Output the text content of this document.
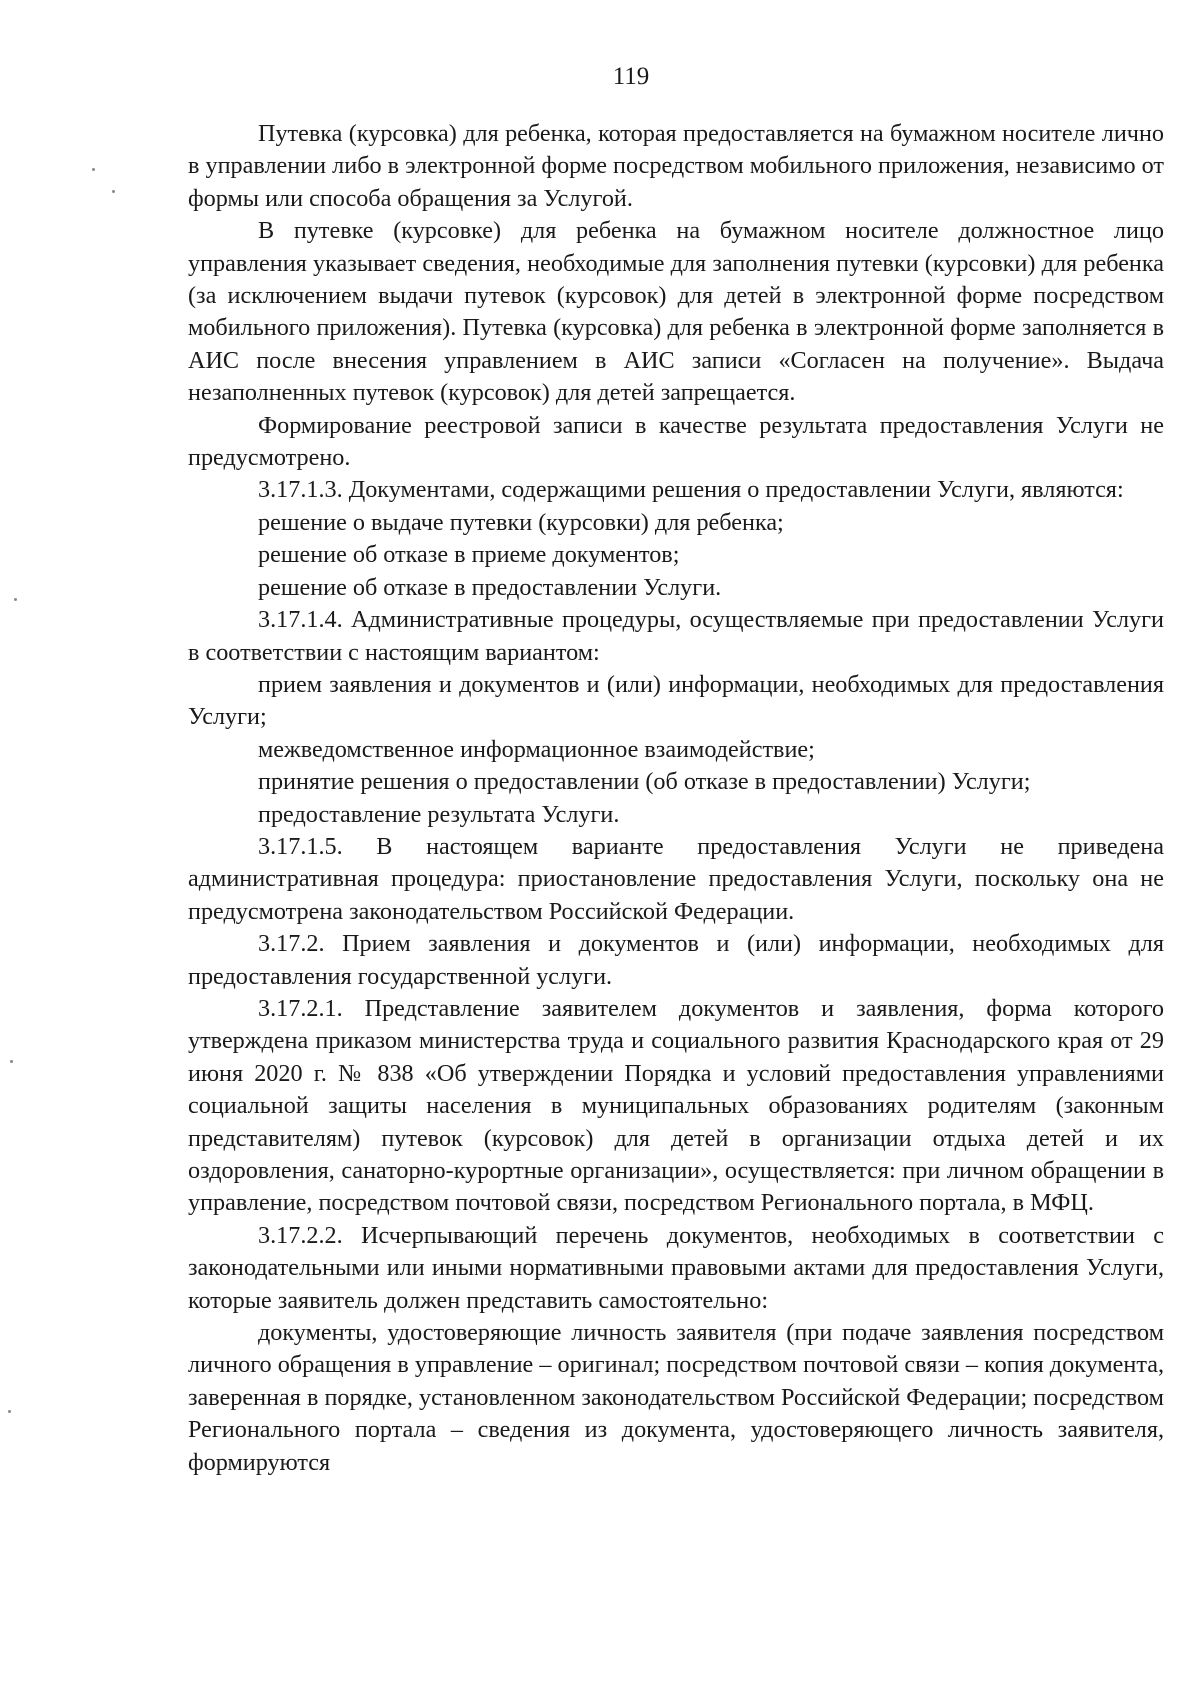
119

Путевка (курсовка) для ребенка, которая предоставляется на бумажном носителе лично в управлении либо в электронной форме посредством мобильного приложения, независимо от формы или способа обращения за Услугой.

В путевке (курсовке) для ребенка на бумажном носителе должностное лицо управления указывает сведения, необходимые для заполнения путевки (курсовки) для ребенка (за исключением выдачи путевок (курсовок) для детей в электронной форме посредством мобильного приложения). Путевка (курсовка) для ребенка в электронной форме заполняется в АИС после внесения управлением в АИС записи «Согласен на получение». Выдача незаполненных путевок (курсовок) для детей запрещается.

Формирование реестровой записи в качестве результата предоставления Услуги не предусмотрено.

3.17.1.3. Документами, содержащими решения о предоставлении Услуги, являются:

решение о выдаче путевки (курсовки) для ребенка;

решение об отказе в приеме документов;

решение об отказе в предоставлении Услуги.

3.17.1.4. Административные процедуры, осуществляемые при предоставлении Услуги в соответствии с настоящим вариантом:

прием заявления и документов и (или) информации, необходимых для предоставления Услуги;

межведомственное информационное взаимодействие;

принятие решения о предоставлении (об отказе в предоставлении) Услуги;

предоставление результата Услуги.

3.17.1.5. В настоящем варианте предоставления Услуги не приведена административная процедура: приостановление предоставления Услуги, поскольку она не предусмотрена законодательством Российской Федерации.

3.17.2. Прием заявления и документов и (или) информации, необходимых для предоставления государственной услуги.

3.17.2.1. Представление заявителем документов и заявления, форма которого утверждена приказом министерства труда и социального развития Краснодарского края от 29 июня 2020 г. № 838 «Об утверждении Порядка и условий предоставления управлениями социальной защиты населения в муниципальных образованиях родителям (законным представителям) путевок (курсовок) для детей в организации отдыха детей и их оздоровления, санаторно-курортные организации», осуществляется: при личном обращении в управление, посредством почтовой связи, посредством Регионального портала, в МФЦ.

3.17.2.2. Исчерпывающий перечень документов, необходимых в соответствии с законодательными или иными нормативными правовыми актами для предоставления Услуги, которые заявитель должен представить самостоятельно:

документы, удостоверяющие личность заявителя (при подаче заявления посредством личного обращения в управление – оригинал; посредством почтовой связи – копия документа, заверенная в порядке, установленном законодательством Российской Федерации; посредством Регионального портала – сведения из документа, удостоверяющего личность заявителя, формируются
